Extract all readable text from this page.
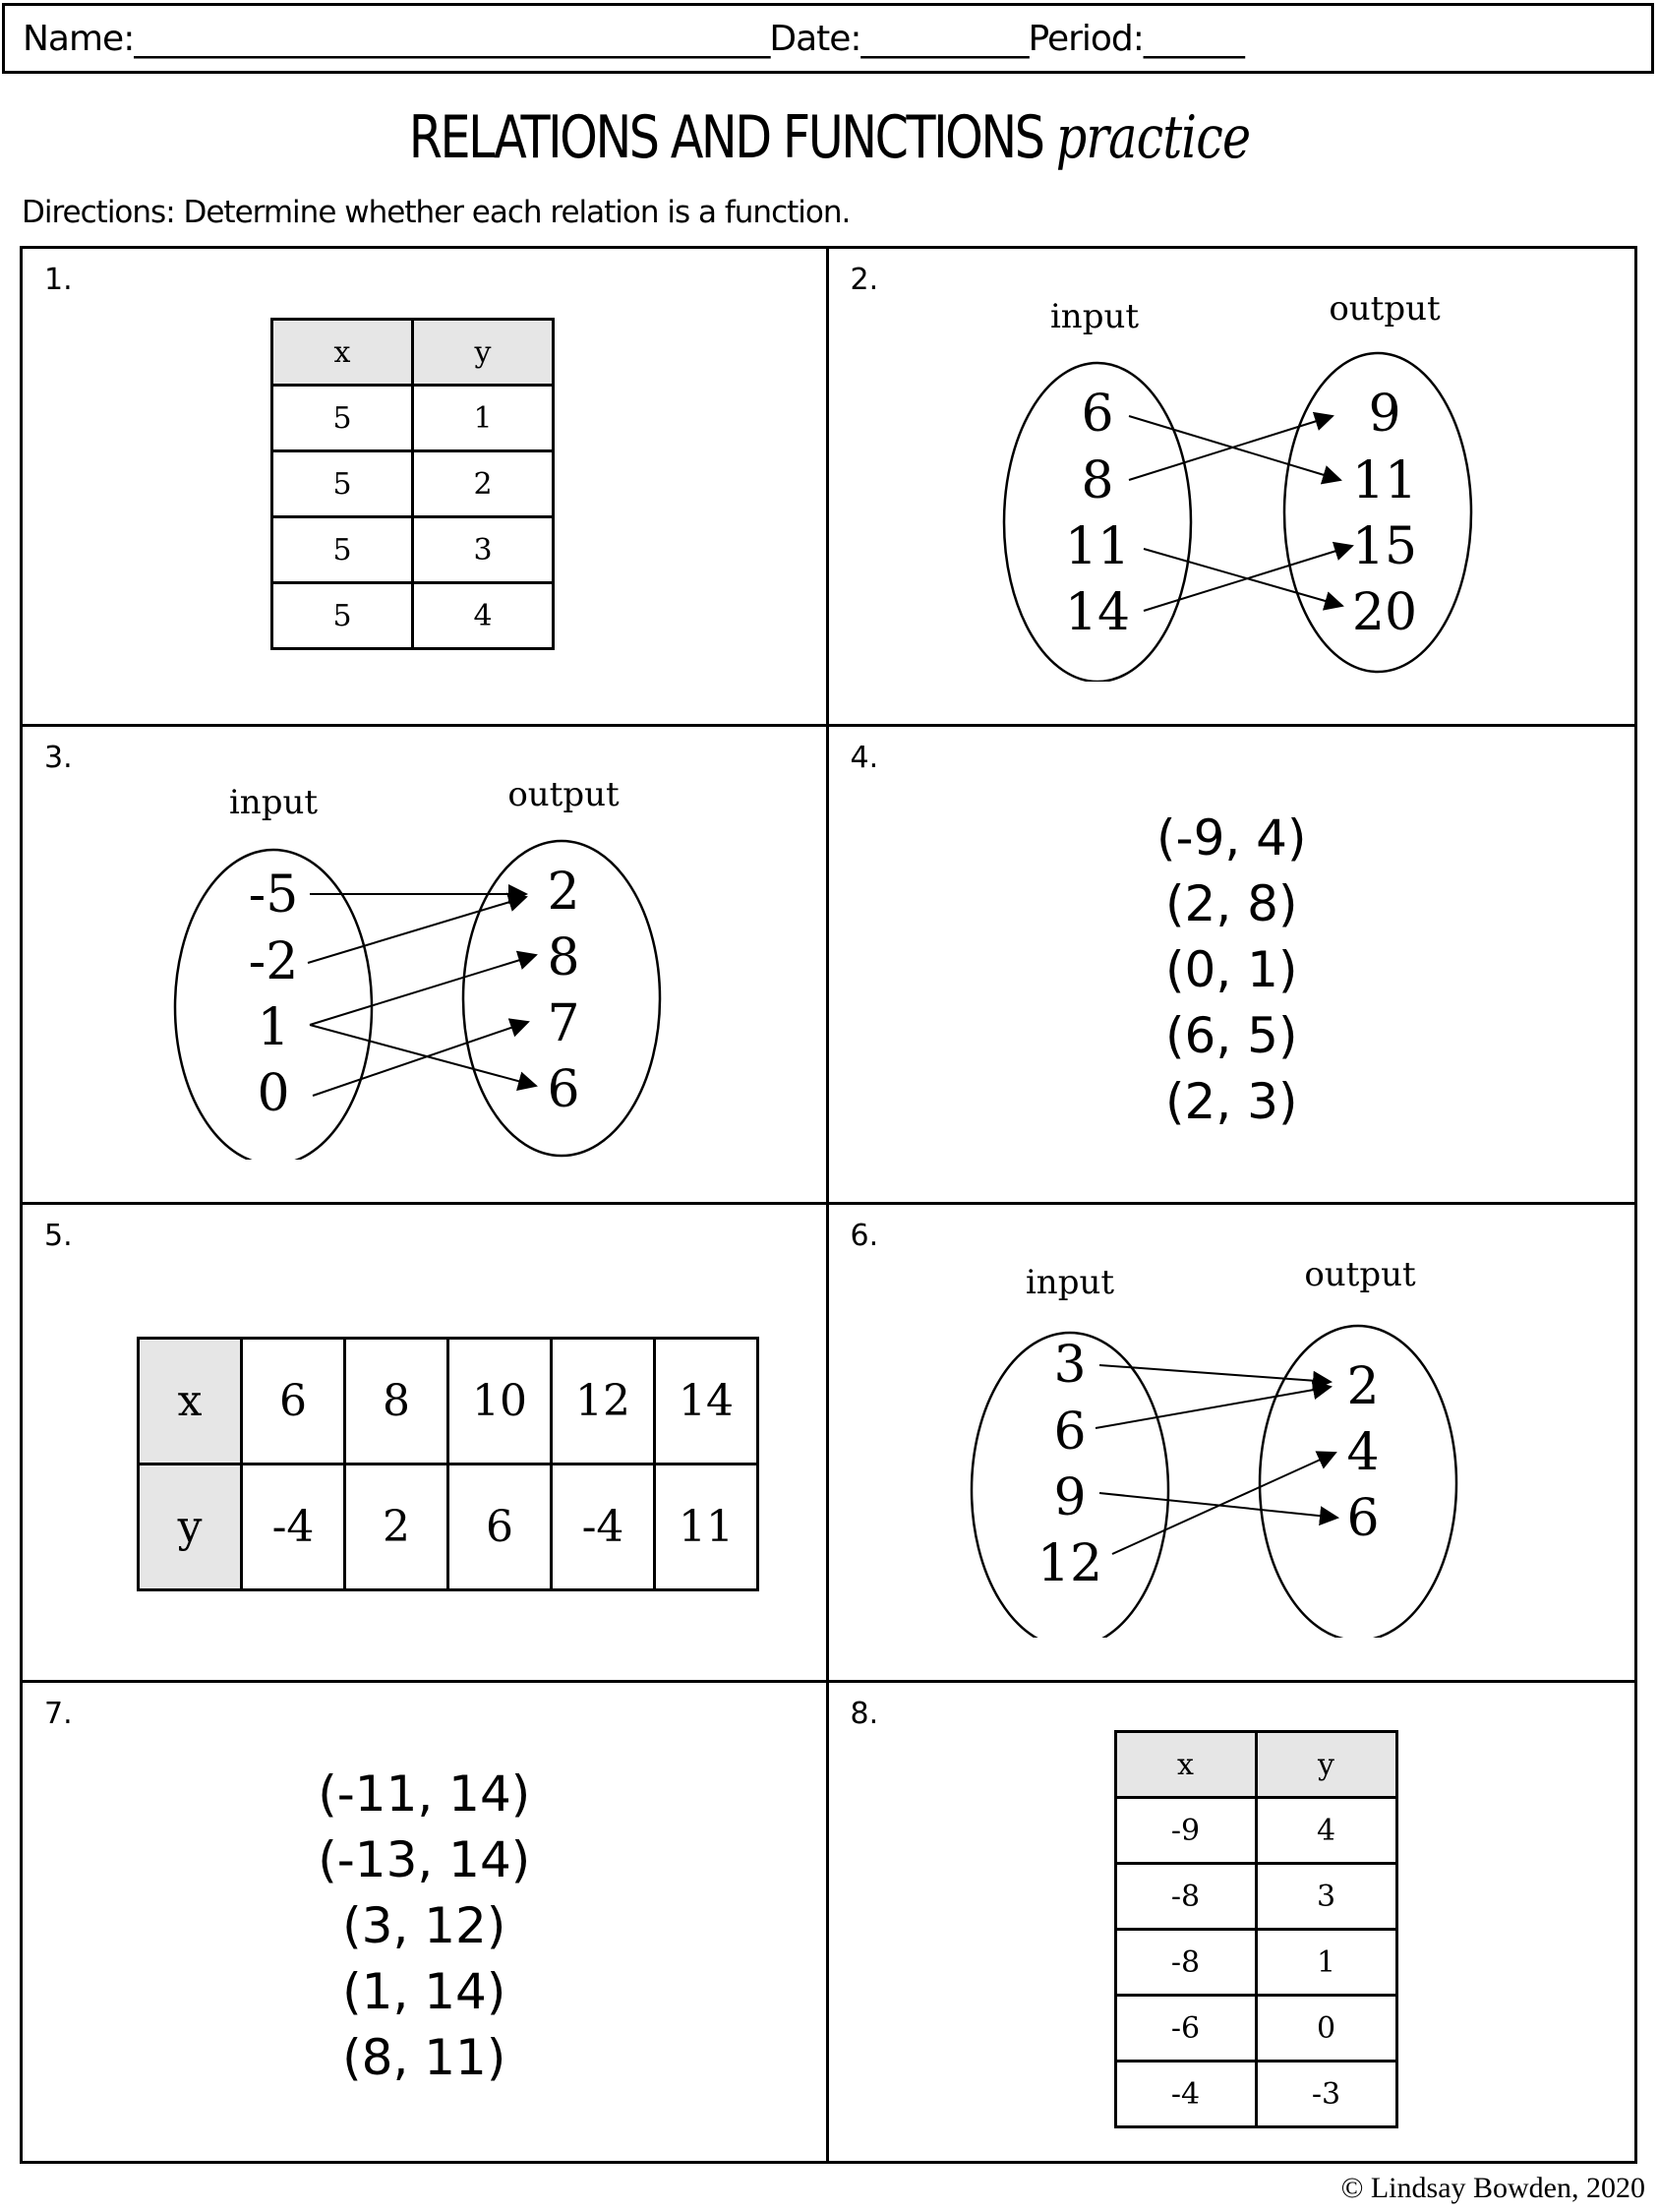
Name: ______________________________________ Date: __________ Period: ______
RELATIONS AND FUNCTIONS practice
Directions: Determine whether each relation is a function.
1.
x	y
5	1
5	2
5	3
5	4
2.
input	output
6
8
11
14
9
11
15
20
3.
input	output
-5
-2
1
0
2
8
7
6
4.
(-9, 4)
(2, 8)
(0, 1)
(6, 5)
(2, 3)
5.
x	6	8	10	12	14
y	-4	2	6	-4	11
6.
input	output
3
6
9
12
2
4
6
7.
(-11, 14)
(-13, 14)
(3, 12)
(1, 14)
(8, 11)
8.
x	y
-9	4
-8	3
-8	1
-6	0
-4	-3
© Lindsay Bowden, 2020
